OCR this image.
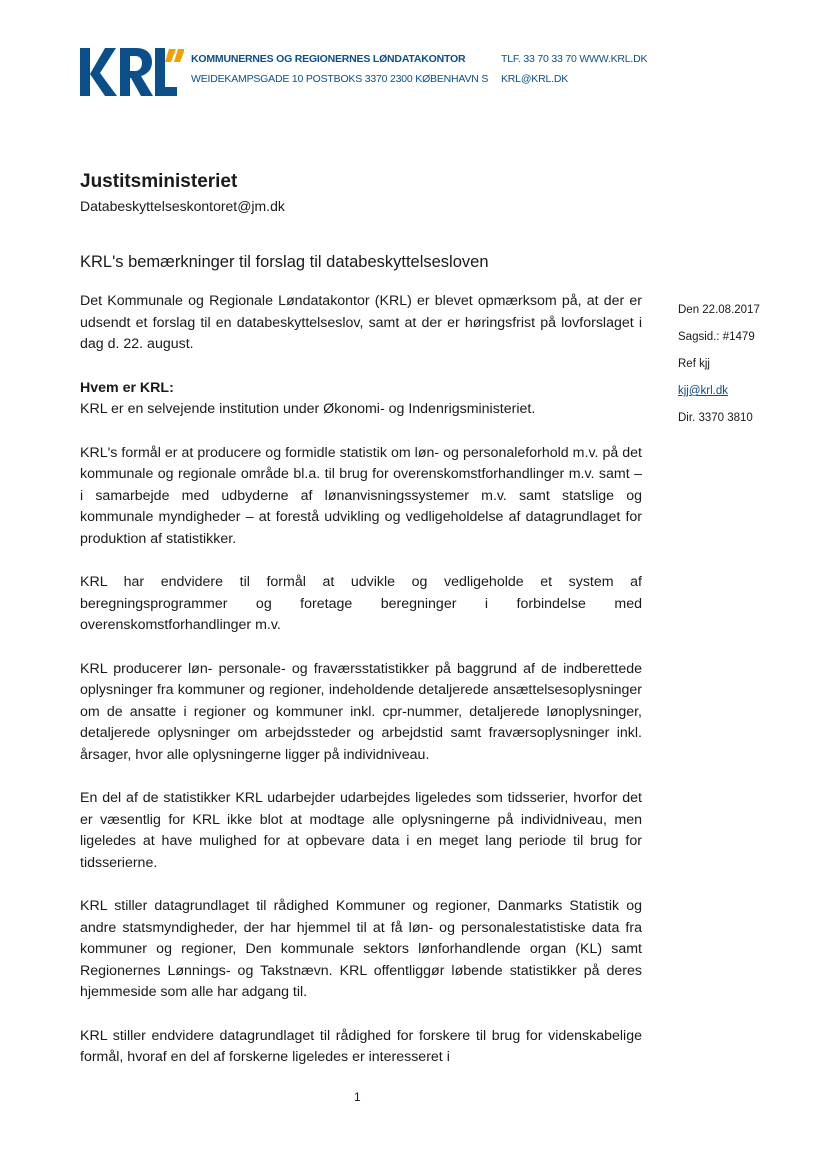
KOMMUNERNES OG REGIONERNES LØNDATAKONTOR	TLF. 33 70 33 70 WWW.KRL.DK
WEIDEKAMPSGADE 10 POSTBOKS 3370 2300 KØBENHAVN S KRL@KRL.DK

Justitsministeriet

Databeskyttelseskontoret@jm.dk

KRL's bemærkninger til forslag til databeskyttelsesloven

Den 22.08.2017
Sagsid.: #1479
Ref kjj
kjj@krl.dk
Dir. 3370 3810

Det Kommunale og Regionale Løndatakontor (KRL) er blevet opmærksom på, at der er udsendt et forslag til en databeskyttelseslov, samt at der er høringsfrist på lovforslaget i dag d. 22. august.

Hvem er KRL:
KRL er en selvejende institution under Økonomi- og Indenrigsministeriet.

KRL's formål er at producere og formidle statistik om løn- og personaleforhold m.v. på det kommunale og regionale område bl.a. til brug for overenskomstforhandlinger m.v. samt – i samarbejde med udbyderne af lønanvisningssystemer m.v. samt statslige og kommunale myndigheder – at forestå udvikling og vedligeholdelse af datagrundlaget for produktion af statistikker.

KRL har endvidere til formål at udvikle og vedligeholde et system af beregningsprogrammer og foretage beregninger i forbindelse med overenskomstforhandlinger m.v.

KRL producerer løn- personale- og fraværsstatistikker på baggrund af de indberettede oplysninger fra kommuner og regioner, indeholdende detaljerede ansættelsesoplysninger om de ansatte i regioner og kommuner inkl. cpr-nummer, detaljerede lønoplysninger, detaljerede oplysninger om arbejdssteder og arbejdstid samt fraværsoplysninger inkl. årsager, hvor alle oplysningerne ligger på individniveau.

En del af de statistikker KRL udarbejder udarbejdes ligeledes som tidsserier, hvorfor det er væsentlig for KRL ikke blot at modtage alle oplysningerne på individniveau, men ligeledes at have mulighed for at opbevare data i en meget lang periode til brug for tidsserierne.

KRL stiller datagrundlaget til rådighed Kommuner og regioner, Danmarks Statistik og andre statsmyndigheder, der har hjemmel til at få løn- og personalestatistiske data fra kommuner og regioner, Den kommunale sektors lønforhandlende organ (KL) samt Regionernes Lønnings- og Takstnævn. KRL offentliggør løbende statistikker på deres hjemmeside som alle har adgang til.

KRL stiller endvidere datagrundlaget til rådighed for forskere til brug for videnskabelige formål, hvoraf en del af forskerne ligeledes er interesseret i

1
